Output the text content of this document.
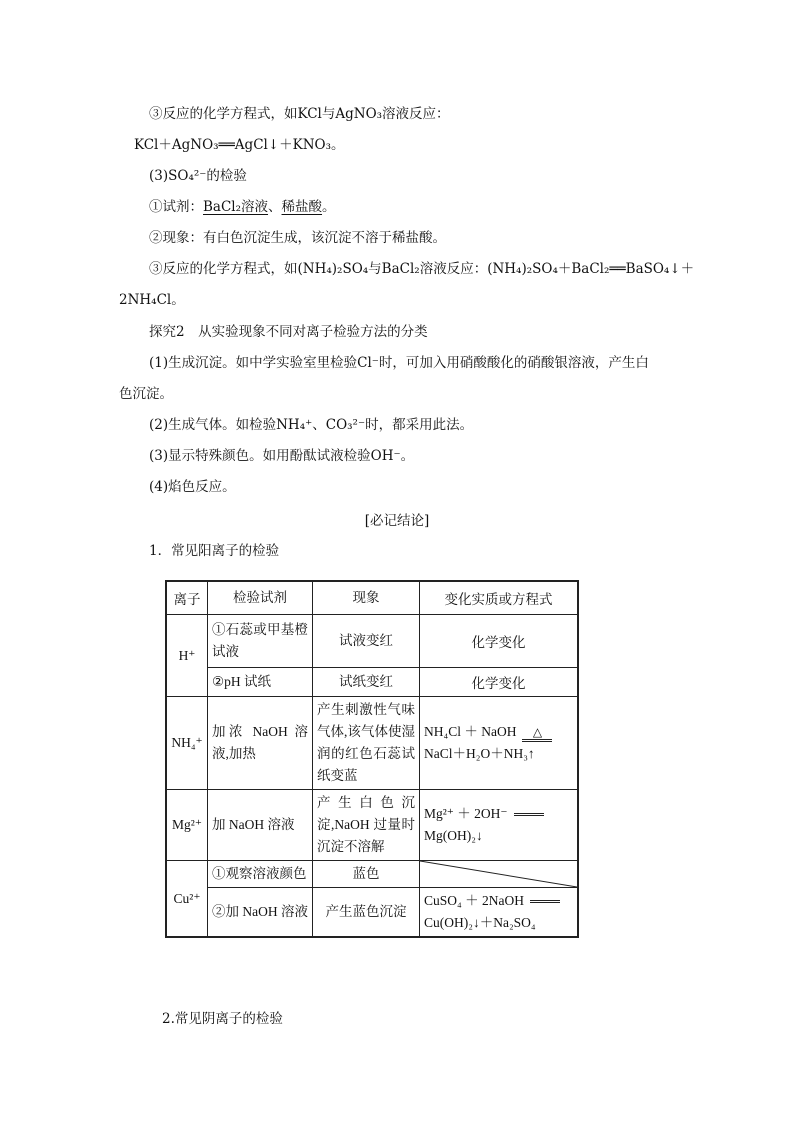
③反应的化学方程式，如KCl与AgNO₃溶液反应：
KCl＋AgNO₃══AgCl↓＋KNO₃。
(3)SO₄²⁻的检验
①试剂：BaCl₂溶液、稀盐酸。
②现象：有白色沉淀生成，该沉淀不溶于稀盐酸。
③反应的化学方程式，如(NH₄)₂SO₄与BaCl₂溶液反应：(NH₄)₂SO₄＋BaCl₂══BaSO₄↓＋
2NH₄Cl。
探究2　从实验现象不同对离子检验方法的分类
(1)生成沉淀。如中学实验室里检验Cl⁻时，可加入用硝酸酸化的硝酸银溶液，产生白
色沉淀。
(2)生成气体。如检验NH₄⁺、CO₃²⁻时，都采用此法。
(3)显示特殊颜色。如用酚酞试液检验OH⁻。
(4)焰色反应。
[必记结论]
1．常见阳离子的检验
离子	检验试剂	现象	变化实质或方程式
H⁺	①石蕊或甲基橙试液	试液变红	化学变化
	②pH 试纸	试纸变红	化学变化
NH₄⁺	加浓 NaOH 溶液,加热	产生刺激性气味气体,该气体使湿润的红色石蕊试纸变蓝	NH₄Cl ＋ NaOH △
NaCl＋H₂O＋NH₃↑

Mg²⁺	加 NaOH 溶液	产生白色沉淀,NaOH 过量时沉淀不溶解	Mg²⁺ ＋ 2OH⁻
Mg(OH)₂↓

Cu²⁺	①观察溶液颜色	蓝色	

	②加 NaOH 溶液	产生蓝色沉淀	CuSO₄ ＋ 2NaOH
Cu(OH)₂↓＋Na₂SO₄
2.常见阴离子的检验
